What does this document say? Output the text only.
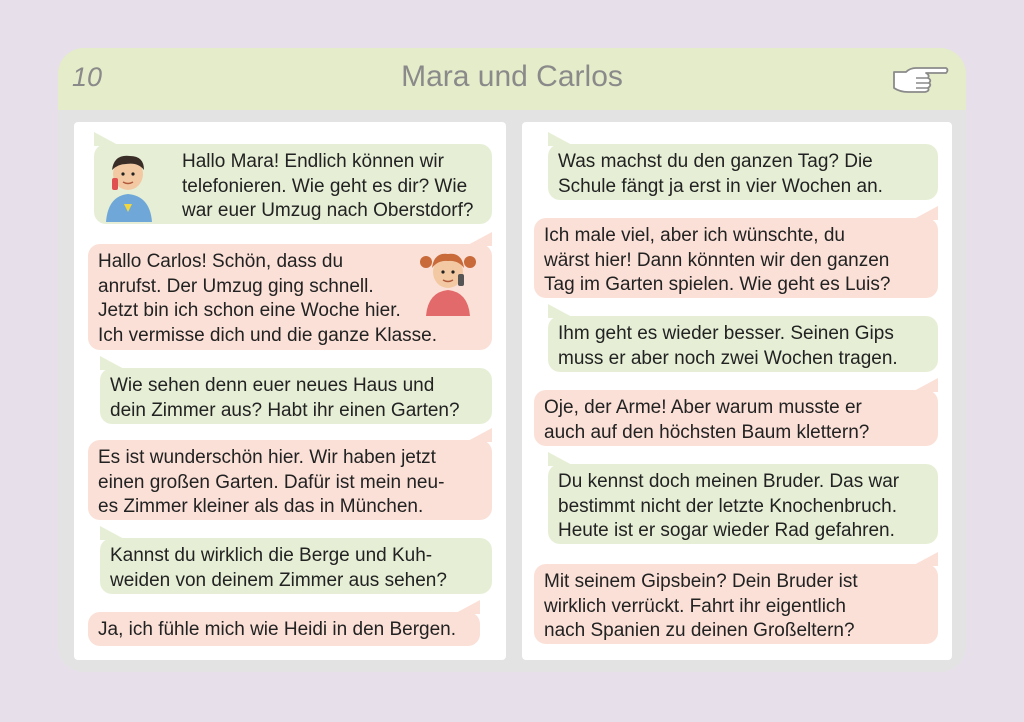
10	Mara und Carlos
Hallo Mara! Endlich können wir
telefonieren. Wie geht es dir? Wie
war euer Umzug nach Oberstdorf?
Hallo Carlos! Schön, dass du
anrufst. Der Umzug ging schnell.
Jetzt bin ich schon eine Woche hier.
Ich vermisse dich und die ganze Klasse.
Wie sehen denn euer neues Haus und
dein Zimmer aus? Habt ihr einen Garten?
Es ist wunderschön hier. Wir haben jetzt
einen großen Garten. Dafür ist mein neu-
es Zimmer kleiner als das in München.
Kannst du wirklich die Berge und Kuh-
weiden von deinem Zimmer aus sehen?
Ja, ich fühle mich wie Heidi in den Bergen.
Was machst du den ganzen Tag? Die
Schule fängt ja erst in vier Wochen an.
Ich male viel, aber ich wünschte, du
wärst hier! Dann könnten wir den ganzen
Tag im Garten spielen. Wie geht es Luis?
Ihm geht es wieder besser. Seinen Gips
muss er aber noch zwei Wochen tragen.
Oje, der Arme! Aber warum musste er
auch auf den höchsten Baum klettern?
Du kennst doch meinen Bruder. Das war
bestimmt nicht der letzte Knochenbruch.
Heute ist er sogar wieder Rad gefahren.
Mit seinem Gipsbein? Dein Bruder ist
wirklich verrückt. Fahrt ihr eigentlich
nach Spanien zu deinen Großeltern?
